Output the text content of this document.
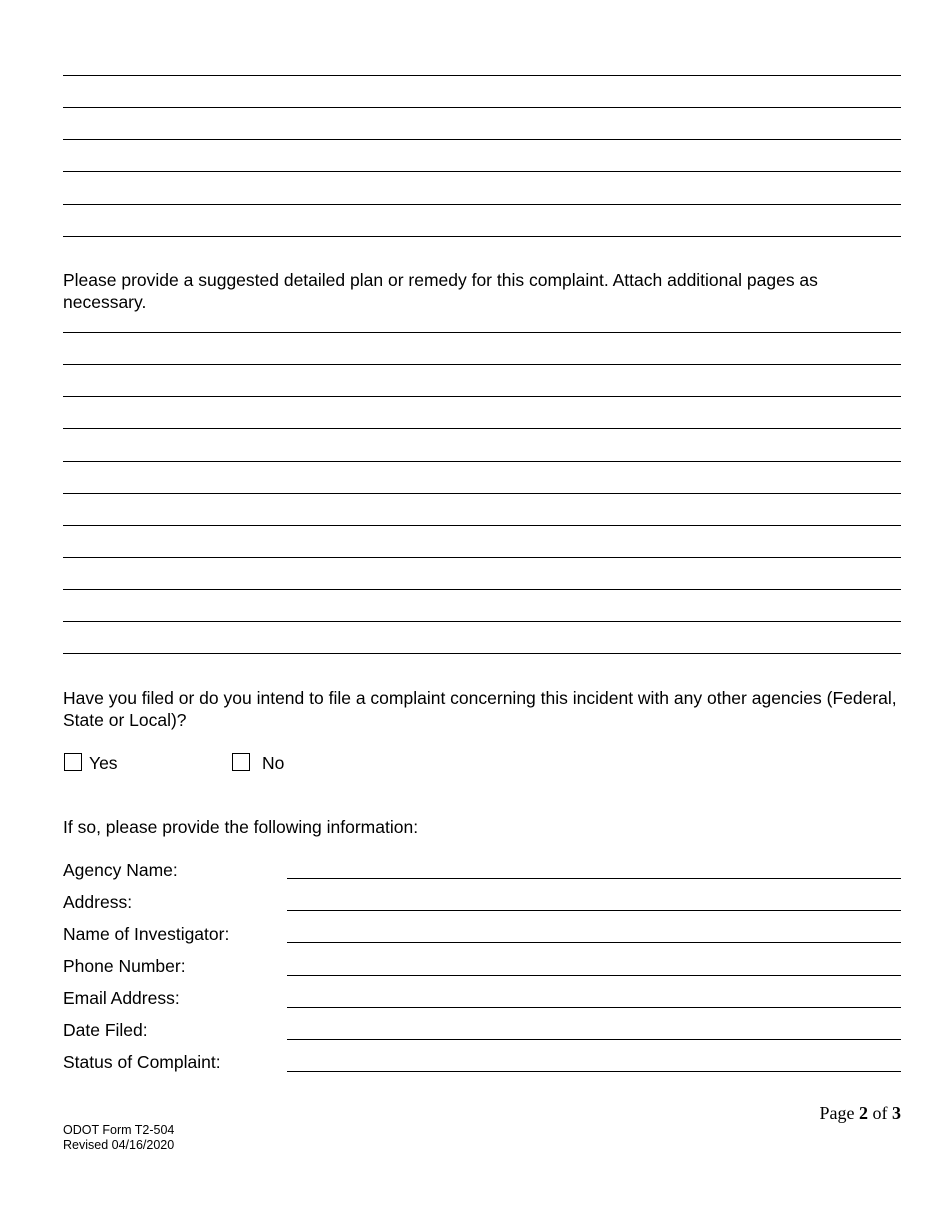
Please provide a suggested detailed plan or remedy for this complaint. Attach additional pages as necessary.
Have you filed or do you intend to file a complaint concerning this incident with any other agencies (Federal, State or Local)?
Yes	No
If so, please provide the following information:
Agency Name:
Address:
Name of Investigator:
Phone Number:
Email Address:
Date Filed:
Status of Complaint:
Page 2 of 3
ODOT Form T2-504
Revised 04/16/2020
